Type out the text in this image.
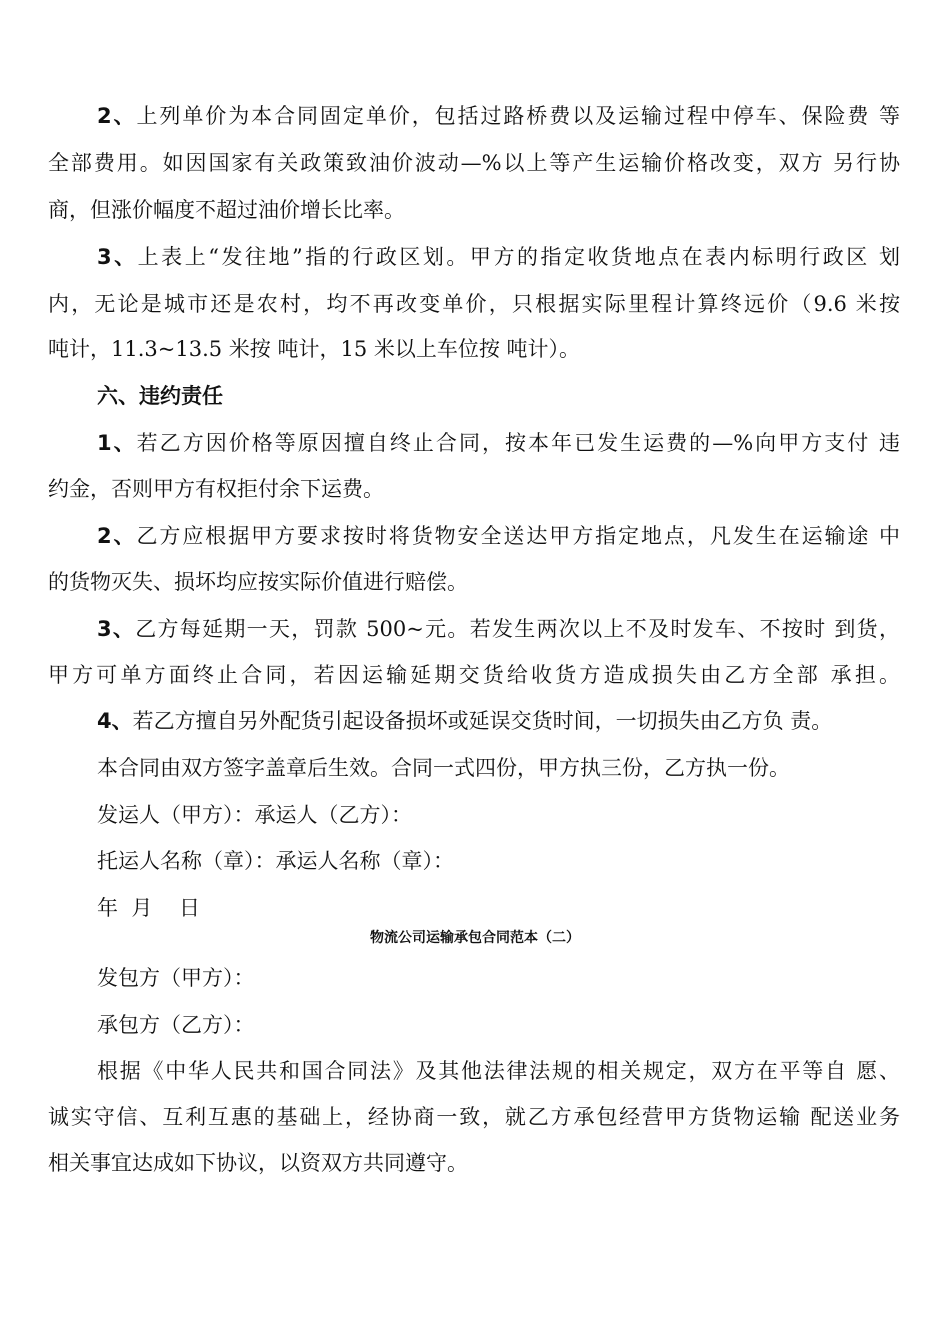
2、上列单价为本合同固定单价，包括过路桥费以及运输过程中停车、保险费 等
全部费用。如因国家有关政策致油价波动—%以上等产生运输价格改变，双方 另行协
商，但涨价幅度不超过油价增长比率。
3、上表上“发往地”指的行政区划。甲方的指定收货地点在表内标明行政区 划
内，无论是城市还是农村，均不再改变单价，只根据实际里程计算终远价（9.6 米按
吨计，11.3~13.5 米按 吨计，15 米以上车位按 吨计）。
六、违约责任
1、若乙方因价格等原因擅自终止合同，按本年已发生运费的—%向甲方支付 违
约金，否则甲方有权拒付余下运费。
2、乙方应根据甲方要求按时将货物安全送达甲方指定地点，凡发生在运输途 中
的货物灭失、损坏均应按实际价值进行赔偿。
3、乙方每延期一天，罚款 500~元。若发生两次以上不及时发车、不按时 到货，
甲方可单方面终止合同，若因运输延期交货给收货方造成损失由乙方全部 承担。
4、若乙方擅自另外配货引起设备损坏或延误交货时间，一切损失由乙方负 责。
本合同由双方签字盖章后生效。合同一式四份，甲方执三份，乙方执一份。
发运人（甲方）：承运人（乙方）：
托运人名称（章）：承运人名称（章）：
年  月    日
物流公司运输承包合同范本（二）
发包方（甲方）：
承包方（乙方）：
根据《中华人民共和国合同法》及其他法律法规的相关规定，双方在平等自 愿、
诚实守信、互利互惠的基础上，经协商一致，就乙方承包经营甲方货物运输 配送业务
相关事宜达成如下协议，以资双方共同遵守。
